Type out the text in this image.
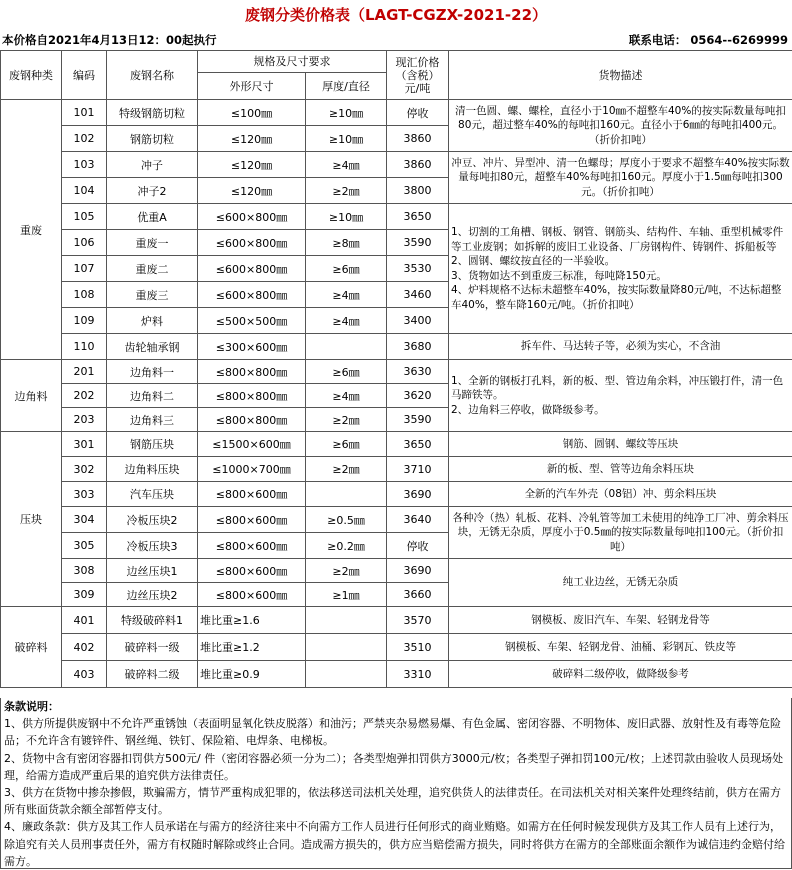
废钢分类价格表（LAGT-CGZX-2021-22）
本价格自2021年4月13日12：00起执行	联系电话： 0564--6269999
废钢种类	编码	废钢名称	规格及尺寸要求		现汇价格（含税）元/吨	货物描述
			外形尺寸	厚度/直径		
重废	101	特级钢筋切粒	≤100㎜	≥10㎜	停收	清一色圆、螺、螺栓，直径小于10㎜不超整车40%的按实际数量每吨扣80元，超过整车40%的每吨扣160元。直径小于6㎜的每吨扣400元。（折价扣吨）
	102	钢筋切粒	≤120㎜	≥10㎜	3860	
	103	冲子	≤120㎜	≥4㎜	3860	冲豆、冲片、异型冲、清一色螺母；厚度小于要求不超整车40%按实际数量每吨扣80元，超整车40%每吨扣160元。厚度小于1.5㎜每吨扣300元。（折价扣吨）
	104	冲子2	≤120㎜	≥2㎜	3800	
	105	优重A	≤600×800㎜	≥10㎜	3650	1、切割的工角槽、钢板、钢管、钢筋头、结构件、车轴、重型机械零件等工业废钢；如拆解的废旧工业设备、厂房钢构件、铸钢件、拆船板等
2、圆钢、螺纹按直径的一半验收。
3、货物如达不到重废三标准，每吨降150元。
4、炉料规格不达标未超整车40%，按实际数量降80元/吨，不达标超整车40%，整车降160元/吨。（折价扣吨）
	106	重废一	≤600×800㎜	≥8㎜	3590	
	107	重废二	≤600×800㎜	≥6㎜	3530	
	108	重废三	≤600×800㎜	≥4㎜	3460	
	109	炉料	≤500×500㎜	≥4㎜	3400	
	110	齿轮轴承钢	≤300×600㎜		3680	拆车件、马达转子等，必须为实心，不含油
边角料	201	边角料一	≤800×800㎜	≥6㎜	3630	1、全新的钢板打孔料，新的板、型、管边角余料，冲压锻打件，清一色马蹄铁等。
2、边角料三停收，做降级参考。
	202	边角料二	≤800×800㎜	≥4㎜	3620	
	203	边角料三	≤800×800㎜	≥2㎜	3590	
压块	301	钢筋压块	≤1500×600㎜	≥6㎜	3650	钢筋、圆钢、螺纹等压块
	302	边角料压块	≤1000×700㎜	≥2㎜	3710	新的板、型、管等边角余料压块
	303	汽车压块	≤800×600㎜		3690	全新的汽车外壳（08铝）冲、剪余料压块
	304	冷板压块2	≤800×600㎜	≥0.5㎜	3640	各种冷（热）轧板、花料、冷轧管等加工未使用的纯净工厂冲、剪余料压块，无锈无杂质，厚度小于0.5㎜的按实际数量每吨扣100元。（折价扣吨）
	305	冷板压块3	≤800×600㎜	≥0.2㎜	停收	
	308	边丝压块1	≤800×600㎜	≥2㎜	3690	纯工业边丝，无锈无杂质
	309	边丝压块2	≤800×600㎜	≥1㎜	3660	
破碎料	401	特级破碎料1	堆比重≥1.6		3570	钢模板、废旧汽车、车架、轻钢龙骨等
	402	破碎料一级	堆比重≥1.2		3510	钢模板、车架、轻钢龙骨、油桶、彩钢瓦、铁皮等
	403	破碎料二级	堆比重≥0.9		3310	破碎料二级停收，做降级参考
条款说明：
1、供方所提供废钢中不允许严重锈蚀（表面明显氧化铁皮脱落）和油污；严禁夹杂易燃易爆、有色金属、密闭容器、不明物体、废旧武器、放射性及有毒等危险品；不允许含有镀锌件、钢丝绳、铁钉、保险箱、电焊条、电梯板。
2、货物中含有密闭容器扣罚供方500元/ 件（密闭容器必须一分为二）；各类型炮弹扣罚供方3000元/枚；各类型子弹扣罚100元/枚；上述罚款由验收人员现场处理，给需方造成严重后果的追究供方法律责任。
3、供方在货物中掺杂掺假，欺骗需方，情节严重构成犯罪的，依法移送司法机关处理，追究供货人的法律责任。在司法机关对相关案件处理终结前，供方在需方所有账面货款余额全部暂停支付。
4、廉政条款：供方及其工作人员承诺在与需方的经济往来中不向需方工作人员进行任何形式的商业贿赂。如需方在任何时候发现供方及其工作人员有上述行为，除追究有关人员刑事责任外，需方有权随时解除或终止合同。造成需方损失的，供方应当赔偿需方损失，同时将供方在需方的全部账面余额作为诚信违约金赔付给需方。
